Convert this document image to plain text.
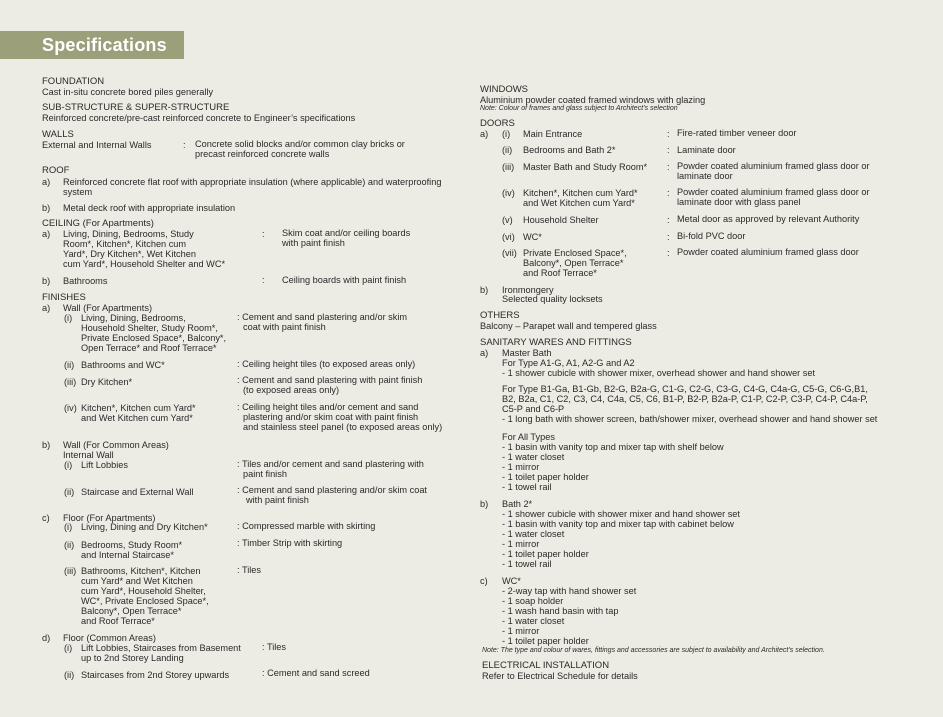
Specifications
FOUNDATION
Cast in-situ concrete bored piles generally
SUB-STRUCTURE & SUPER-STRUCTURE
Reinforced concrete/pre-cast reinforced concrete to Engineer’s specifications
WALLS
External and Internal Walls	: Concrete solid blocks and/or common clay bricks or
precast reinforced concrete walls
ROOF
a) Reinforced concrete flat roof with appropriate insulation (where applicable) and waterproofing
system
b) Metal deck roof with appropriate insulation
CEILING (For Apartments)
a) Living, Dining, Bedrooms, Study
Room*, Kitchen*, Kitchen cum
Yard*, Dry Kitchen*, Wet Kitchen
cum Yard*, Household Shelter and WC*
: Skim coat and/or ceiling boards
with paint finish
b) Bathrooms	: Ceiling boards with paint finish
FINISHES
a) Wall (For Apartments)
(i) Living, Dining, Bedrooms,
Household Shelter, Study Room*,
Private Enclosed Space*, Balcony*,
Open Terrace* and Roof Terrace*
: Cement and sand plastering and/or skim
coat with paint finish
(ii) Bathrooms and WC*	: Ceiling height tiles (to exposed areas only)
(iii) Dry Kitchen*	: Cement and sand plastering with paint finish
(to exposed areas only)
(iv) Kitchen*, Kitchen cum Yard*
and Wet Kitchen cum Yard*
: Ceiling height tiles and/or cement and sand
plastering and/or skim coat with paint finish
and stainless steel panel (to exposed areas only)
b) Wall (For Common Areas)
Internal Wall
(i) Lift Lobbies	: Tiles and/or cement and sand plastering with
paint finish
(ii) Staircase and External Wall	: Cement and sand plastering and/or skim coat
with paint finish
c) Floor (For Apartments)
(i) Living, Dining and Dry Kitchen*	: Compressed marble with skirting
(ii) Bedrooms, Study Room*
and Internal Staircase*
: Timber Strip with skirting
(iii) Bathrooms, Kitchen*, Kitchen
cum Yard* and Wet Kitchen
cum Yard*, Household Shelter,
WC*, Private Enclosed Space*,
Balcony*, Open Terrace*
and Roof Terrace*
: Tiles
d) Floor (Common Areas)
(i) Lift Lobbies, Staircases from Basement
up to 2nd Storey Landing
: Tiles
(ii) Staircases from 2nd Storey upwards	: Cement and sand screed
WINDOWS
Aluminium powder coated framed windows with glazing
Note: Colour of frames and glass subject to Architect’s selection
DOORS
a) (i) Main Entrance	: Fire-rated timber veneer door
(ii) Bedrooms and Bath 2*	: Laminate door
(iii) Master Bath and Study Room* : Powder coated aluminium framed glass door or
laminate door
(iv) Kitchen*, Kitchen cum Yard*
and Wet Kitchen cum Yard*
: Powder coated aluminium framed glass door or
laminate door with glass panel
(v) Household Shelter	: Metal door as approved by relevant Authority
(vi) WC*	: Bi-fold PVC door
(vii) Private Enclosed Space*,
Balcony*, Open Terrace*
and Roof Terrace*
: Powder coated aluminium framed glass door
b) Ironmongery
Selected quality locksets
OTHERS
Balcony – Parapet wall and tempered glass
SANITARY WARES AND FITTINGS
a) Master Bath
For Type A1-G, A1, A2-G and A2
- 1 shower cubicle with shower mixer, overhead shower and hand shower set
For Type B1-Ga, B1-Gb, B2-G, B2a-G, C1-G, C2-G, C3-G, C4-G, C4a-G, C5-G, C6-G,B1,
B2, B2a, C1, C2, C3, C4, C4a, C5, C6, B1-P, B2-P, B2a-P, C1-P, C2-P, C3-P, C4-P, C4a-P,
C5-P and C6-P
- 1 long bath with shower screen, bath/shower mixer, overhead shower and hand shower set
For All Types
- 1 basin with vanity top and mixer tap with shelf below
- 1 water closet
- 1 mirror
- 1 toilet paper holder
- 1 towel rail
b) Bath 2*
- 1 shower cubicle with shower mixer and hand shower set
- 1 basin with vanity top and mixer tap with cabinet below
- 1 water closet
- 1 mirror
- 1 toilet paper holder
- 1 towel rail
c) WC*
- 2-way tap with hand shower set
- 1 soap holder
- 1 wash hand basin with tap
- 1 water closet
- 1 mirror
- 1 toilet paper holder
Note: The type and colour of wares, fittings and accessories are subject to availability and Architect’s selection.
ELECTRICAL INSTALLATION
Refer to Electrical Schedule for details
